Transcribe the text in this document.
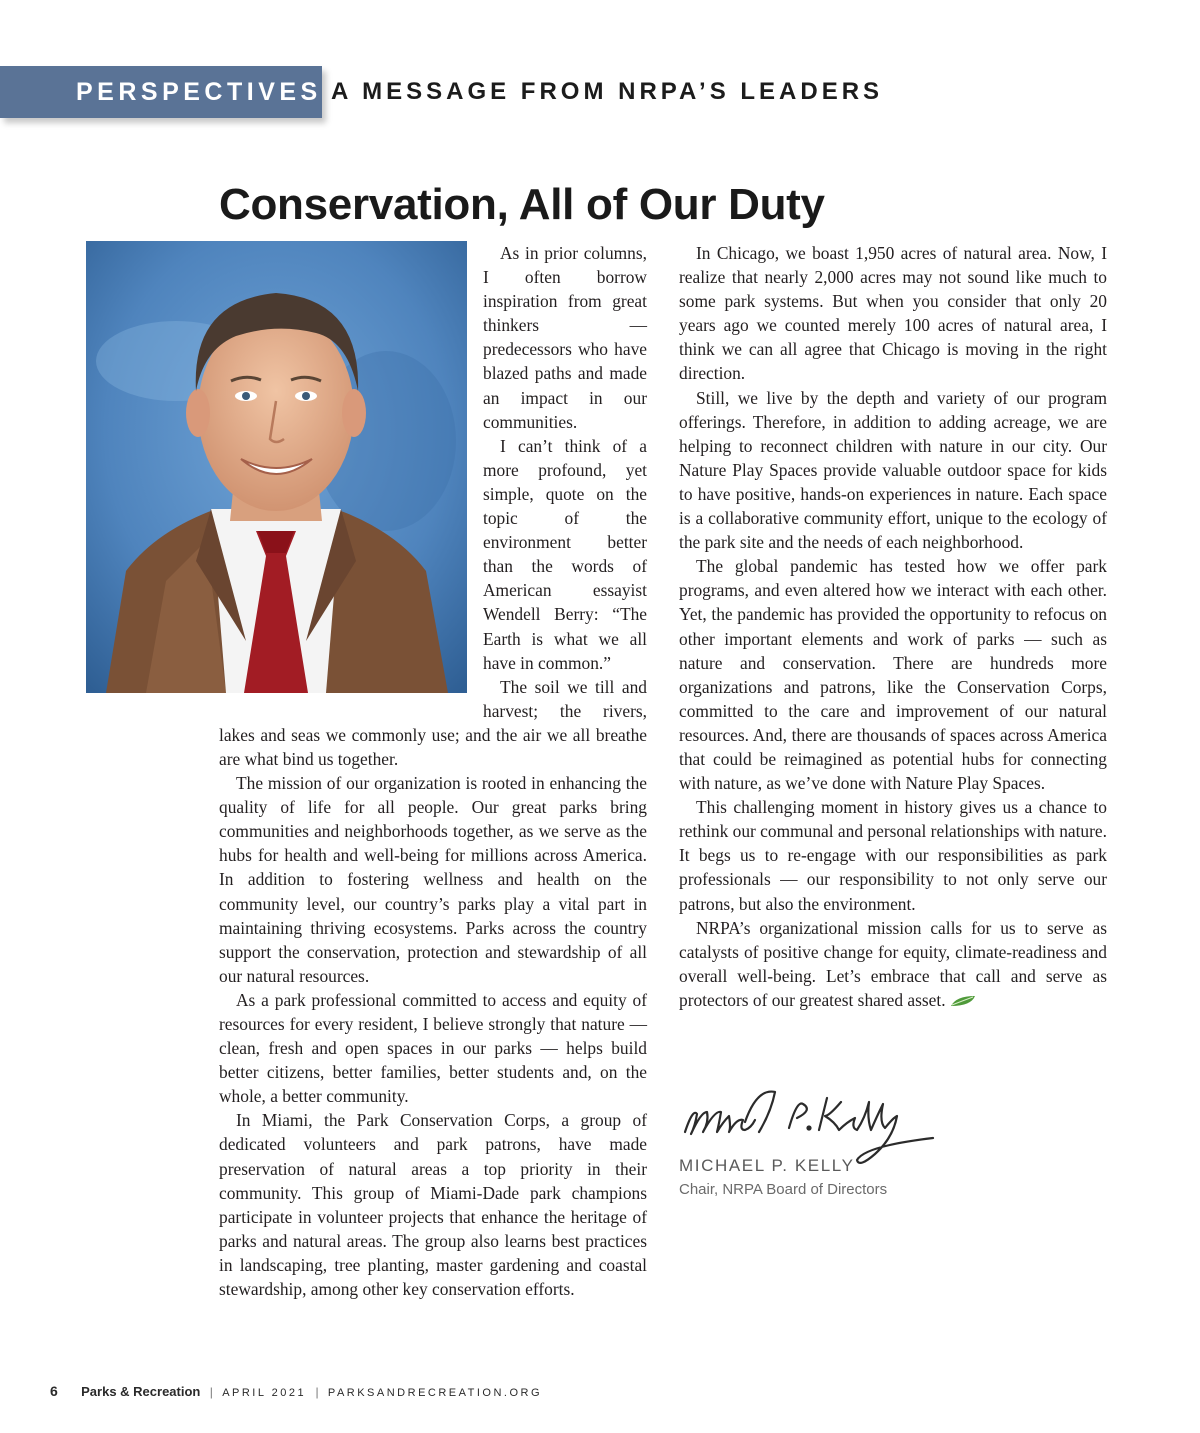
PERSPECTIVES A MESSAGE FROM NRPA’S LEADERS
Conservation, All of Our Duty

As in prior columns, I often borrow inspiration from great thinkers — predecessors who have blazed paths and made an impact in our communities.

I can’t think of a more profound, yet simple, quote on the topic of the environment better than the words of American essayist Wendell Berry: “The Earth is what we all have in common.”

The soil we till and harvest; the rivers, lakes and seas we commonly use; and the air we all breathe are what bind us together.

The mission of our organization is rooted in enhancing the quality of life for all people. Our great parks bring communities and neighborhoods together, as we serve as the hubs for health and well-being for millions across America. In addition to fostering wellness and health on the community level, our country’s parks play a vital part in maintaining thriving ecosystems. Parks across the country support the conservation, protection and stewardship of all our natural resources.

As a park professional committed to access and equity of resources for every resident, I believe strongly that nature — clean, fresh and open spaces in our parks — helps build better citizens, better families, better students and, on the whole, a better community.

In Miami, the Park Conservation Corps, a group of dedicated volunteers and park patrons, have made preservation of natural areas a top priority in their community. This group of Miami-Dade park champions participate in volunteer projects that enhance the heritage of parks and natural areas. The group also learns best practices in landscaping, tree planting, master gardening and coastal stewardship, among other key conservation efforts.

In Chicago, we boast 1,950 acres of natural area. Now, I realize that nearly 2,000 acres may not sound like much to some park systems. But when you consider that only 20 years ago we counted merely 100 acres of natural area, I think we can all agree that Chicago is moving in the right direction.

Still, we live by the depth and variety of our program offerings. Therefore, in addition to adding acreage, we are helping to reconnect children with nature in our city. Our Nature Play Spaces provide valuable outdoor space for kids to have positive, hands-on experiences in nature. Each space is a collaborative community effort, unique to the ecology of the park site and the needs of each neighborhood.

The global pandemic has tested how we offer park programs, and even altered how we interact with each other. Yet, the pandemic has provided the opportunity to refocus on other important elements and work of parks — such as nature and conservation. There are hundreds more organizations and patrons, like the Conservation Corps, committed to the care and improvement of our natural resources. And, there are thousands of spaces across America that could be reimagined as potential hubs for connecting with nature, as we’ve done with Nature Play Spaces.

This challenging moment in history gives us a chance to rethink our communal and personal relationships with nature. It begs us to re-engage with our responsibilities as park professionals — our responsibility to not only serve our patrons, but also the environment.

NRPA’s organizational mission calls for us to serve as catalysts of positive change for equity, climate-readiness and overall well-being. Let’s embrace that call and serve as protectors of our greatest shared asset.

MICHAEL P. KELLY

Chair, NRPA Board of Directors

6 Parks & Recreation | APRIL 2021 | PARKSANDRECREATION.ORG
